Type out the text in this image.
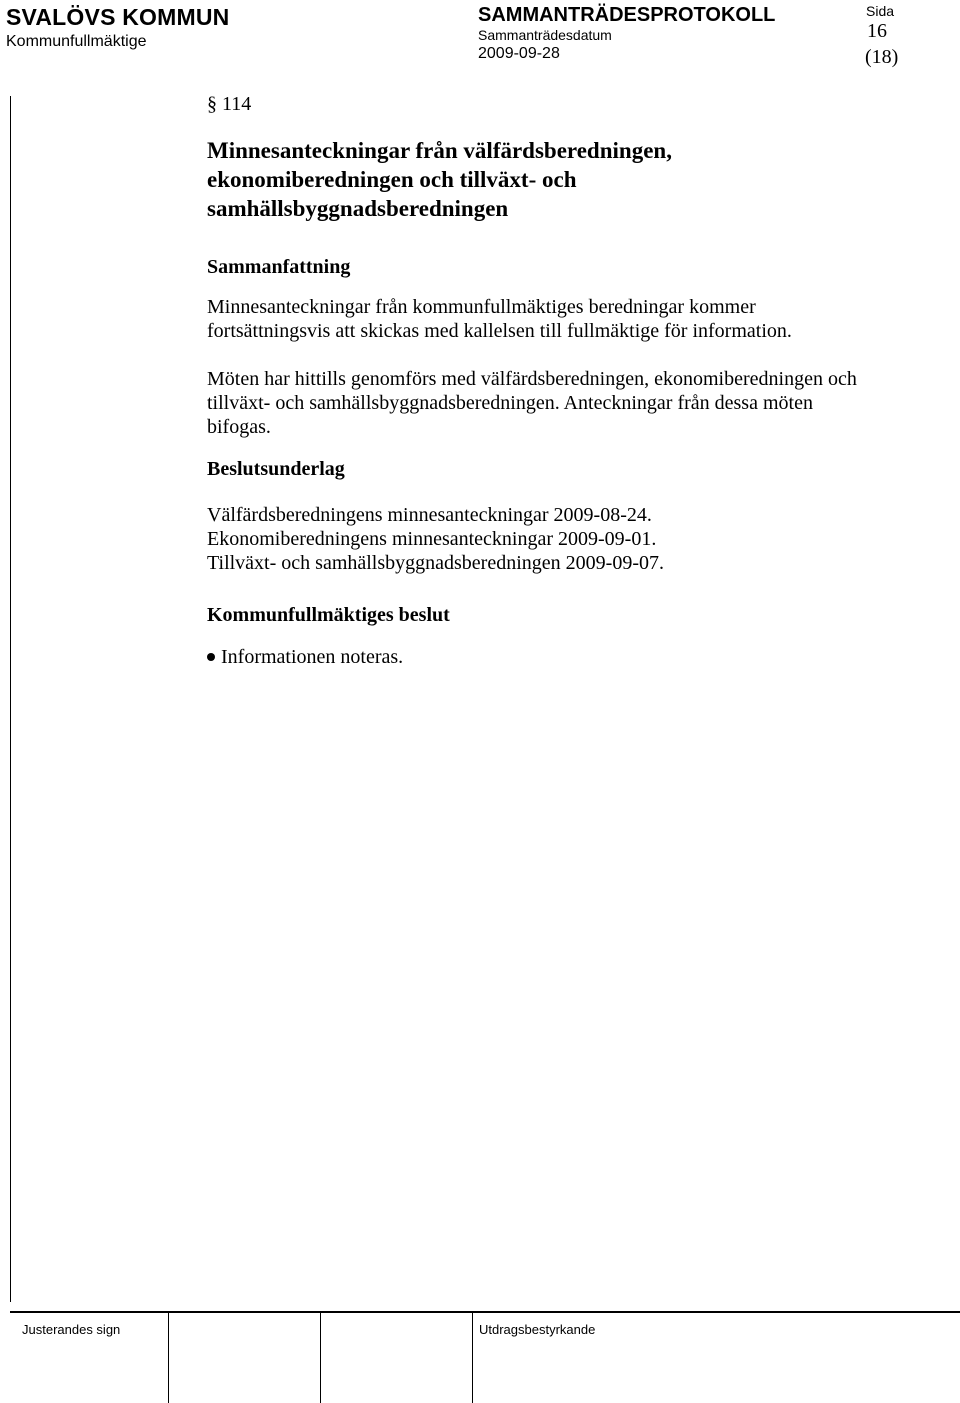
SVALÖVS KOMMUN
Kommunfullmäktige
SAMMANTRÄDESPROTOKOLL
Sammanträdesdatum
2009-09-28
Sida
16
(18)
§ 114
Minnesanteckningar från välfärdsberedningen,
ekonomiberedningen och tillväxt- och
samhällsbyggnadsberedningen
Sammanfattning
Minnesanteckningar från kommunfullmäktiges beredningar kommer
fortsättningsvis att skickas med kallelsen till fullmäktige för information.
Möten har hittills genomförs med välfärdsberedningen, ekonomiberedningen och
tillväxt- och samhällsbyggnadsberedningen. Anteckningar från dessa möten
bifogas.
Beslutsunderlag
Välfärdsberedningens minnesanteckningar 2009-08-24.
Ekonomiberedningens minnesanteckningar 2009-09-01.
Tillväxt- och samhällsbyggnadsberedningen 2009-09-07.
Kommunfullmäktiges beslut
Informationen noteras.
Justerandes sign	Utdragsbestyrkande
